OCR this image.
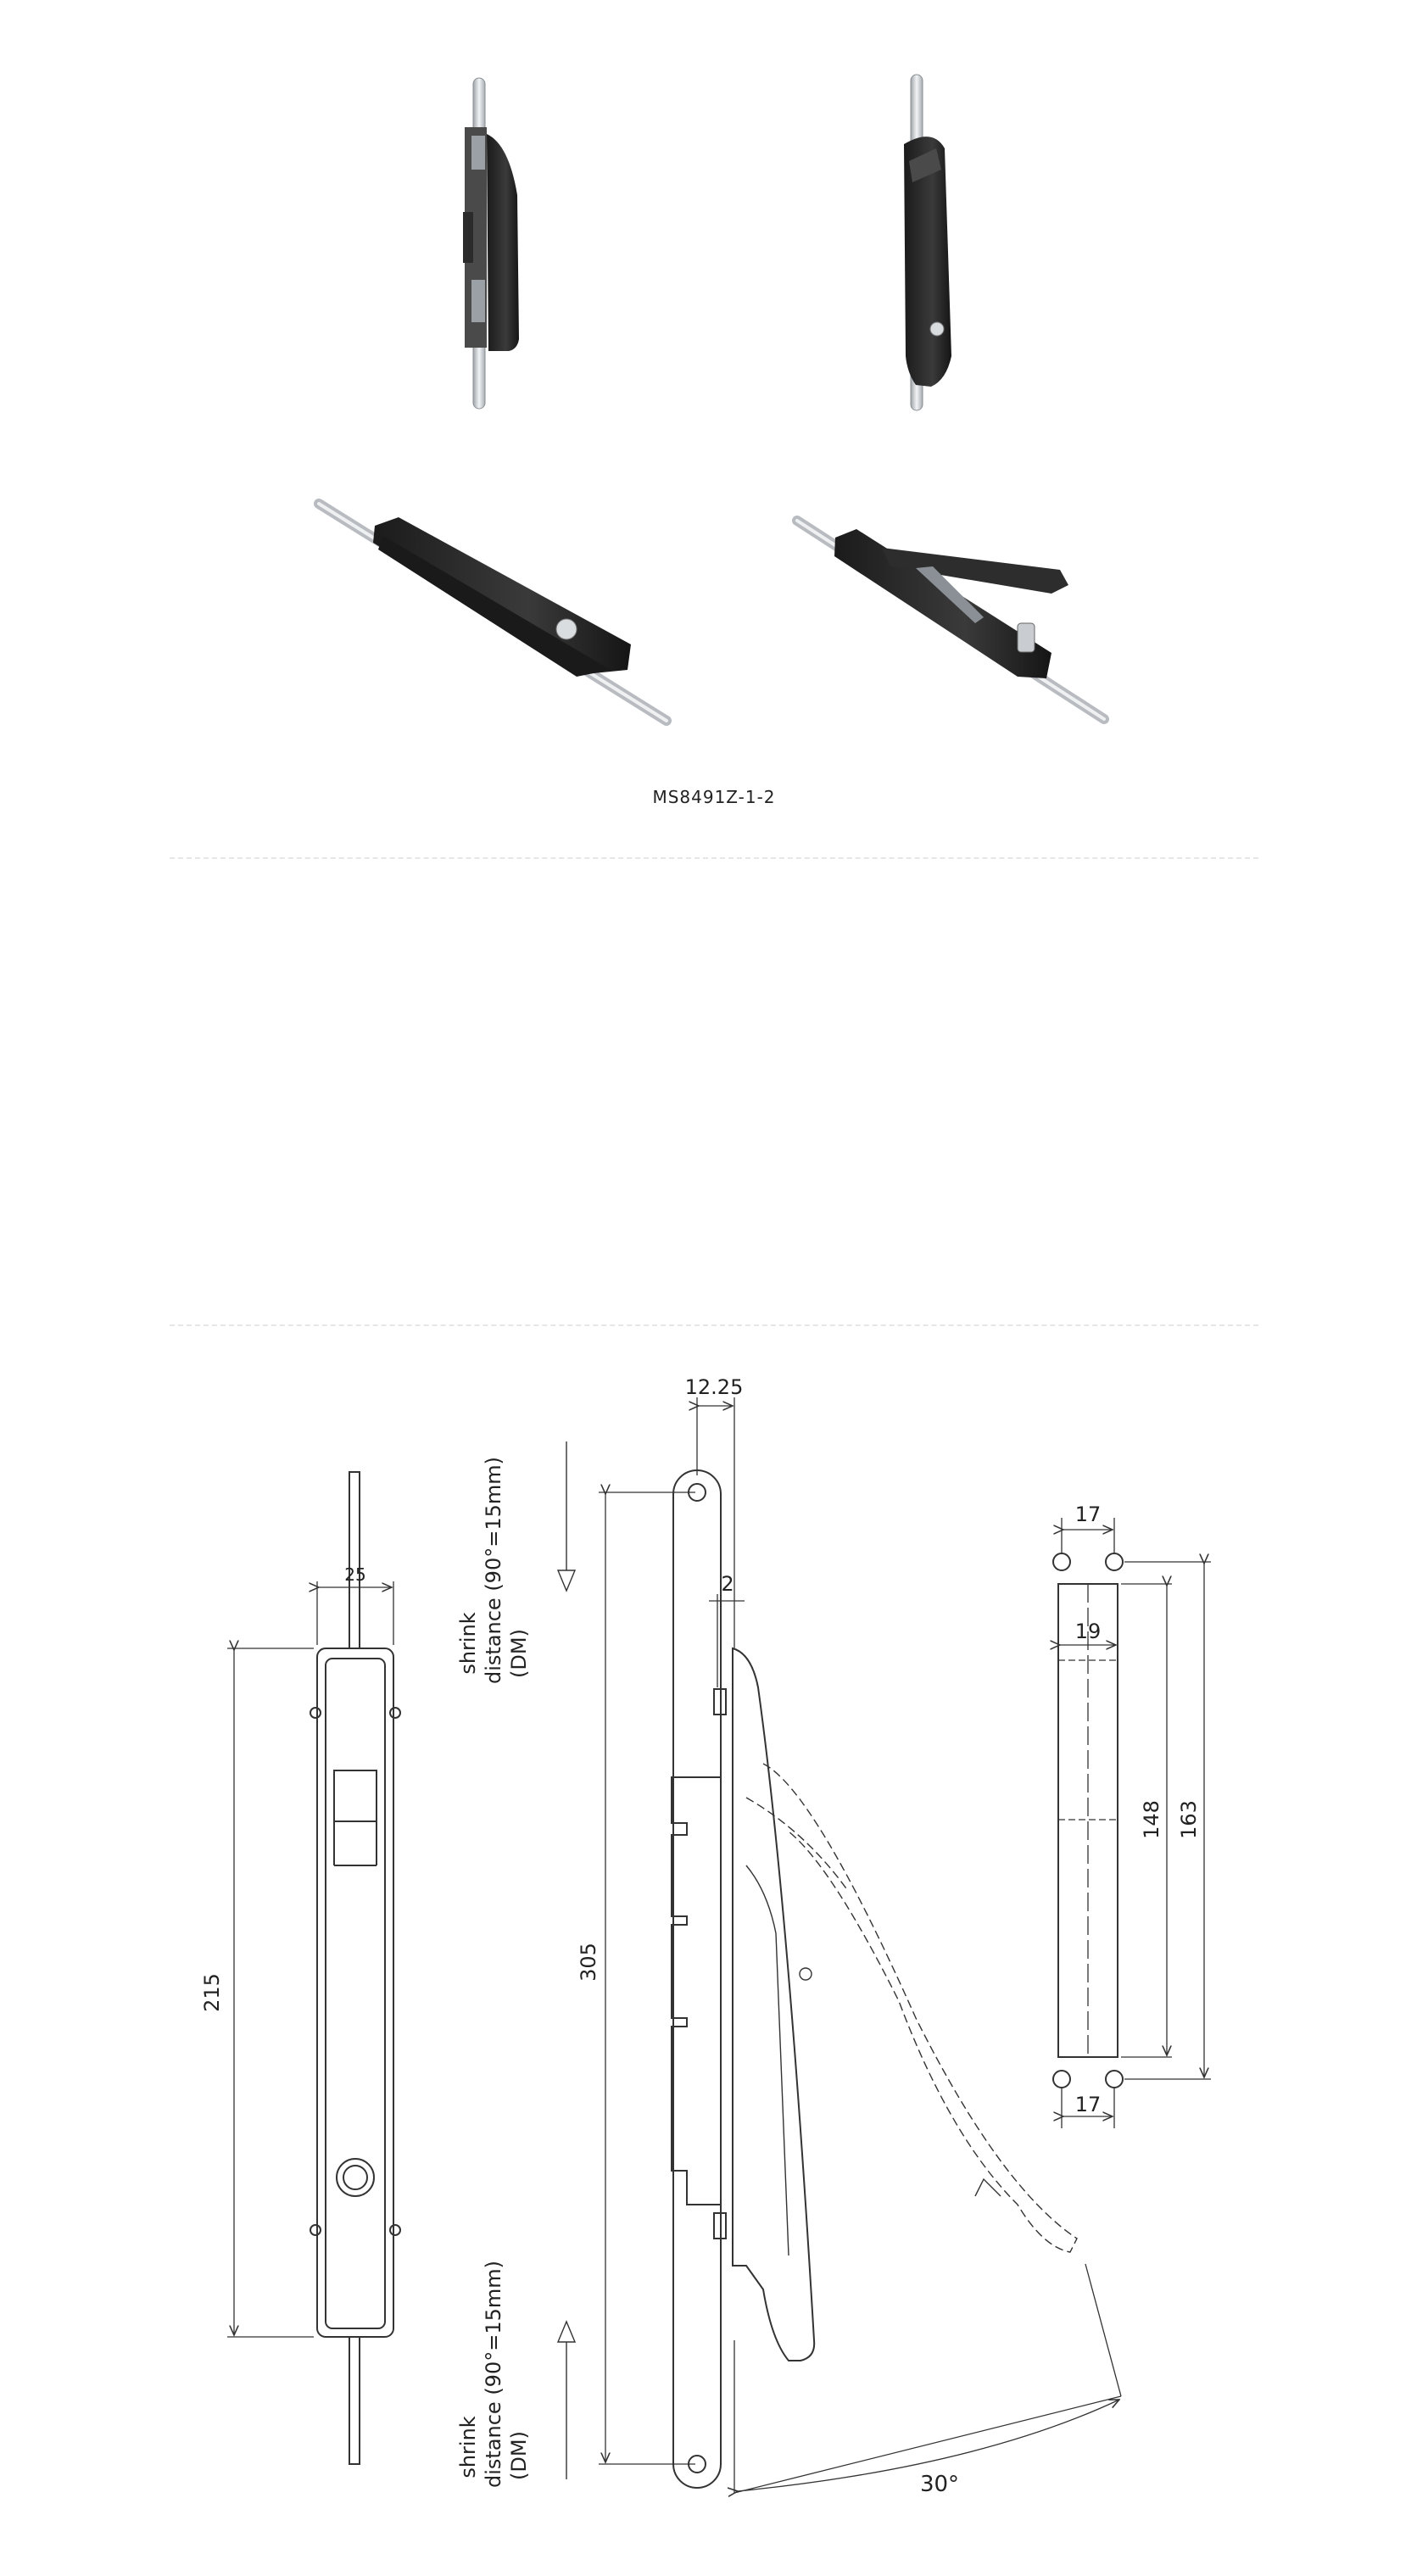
MS8491Z-1-2
25
215
shrink distance (90°=15mm) (DM)
shrink distance (90°=15mm) (DM)
12.25
2
305
30°
17
19
148 163
17
